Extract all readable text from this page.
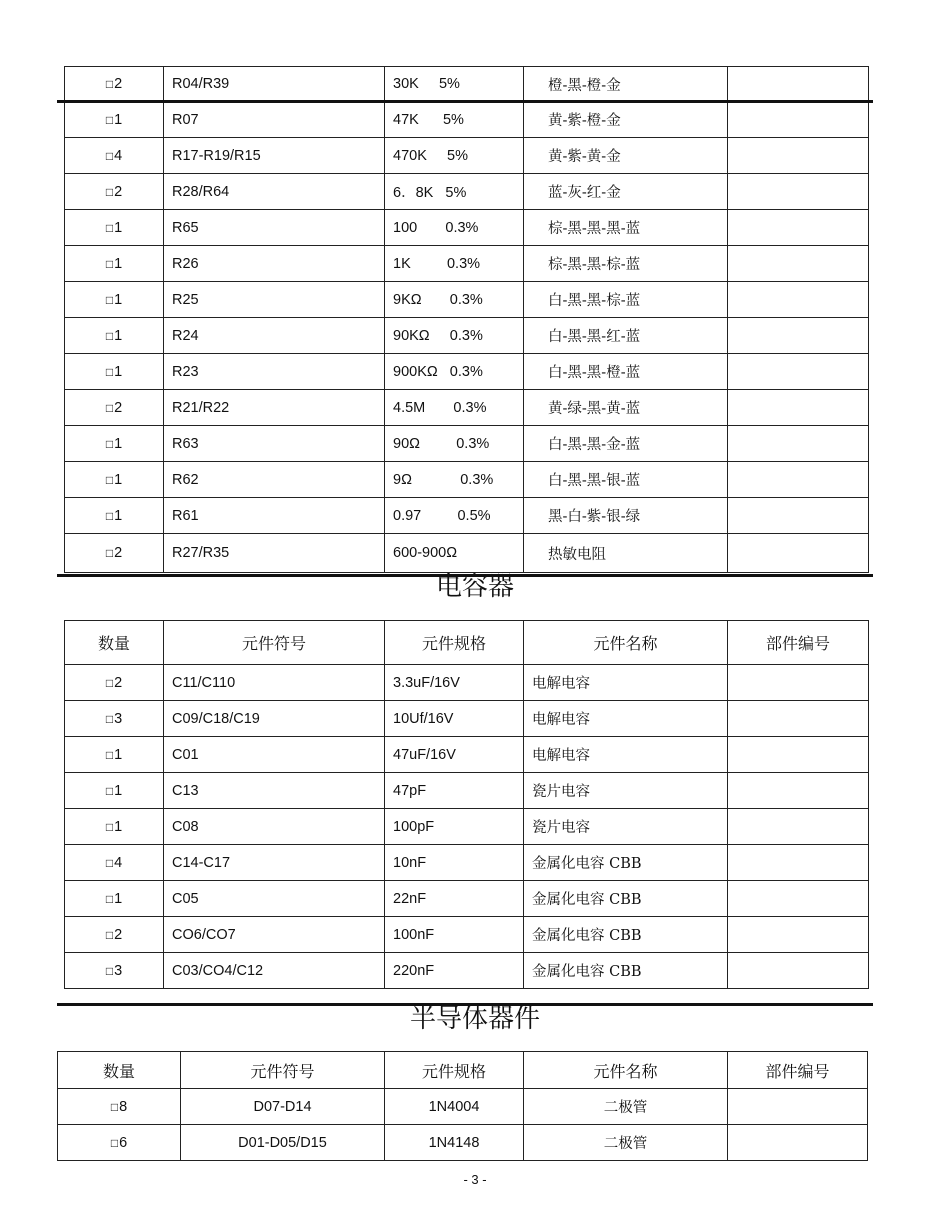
□2	R04/R39	30K     5%	橙-黑-橙-金	
□1	R07	47K      5%	黄-紫-橙-金	
□4	R17-R19/R15	470K     5%	黄-紫-黄-金	
□2	R28/R64	6．8K   5%	蓝-灰-红-金	
□1	R65	100       0.3%	棕-黑-黑-黑-蓝	
□1	R26	1K         0.3%	棕-黑-黑-棕-蓝	
□1	R25	9KΩ       0.3%	白-黑-黑-棕-蓝	
□1	R24	90KΩ     0.3%	白-黑-黑-红-蓝	
□1	R23	900KΩ   0.3%	白-黑-黑-橙-蓝	
□2	R21/R22	4.5M       0.3%	黄-绿-黑-黄-蓝	
□1	R63	90Ω         0.3%	白-黑-黑-金-蓝	
□1	R62	9Ω            0.3%	白-黑-黑-银-蓝	
□1	R61	0.97         0.5%	黑-白-紫-银-绿	
□2	R27/R35	600-900Ω	热敏电阻	
电容器
数量	元件符号	元件规格	元件名称	部件编号
□2	C11/C110	3.3uF/16V	电解电容	
□3	C09/C18/C19	10Uf/16V	电解电容	
□1	C01	47uF/16V	电解电容	
□1	C13	47pF	瓷片电容	
□1	C08	100pF	瓷片电容	
□4	C14-C17	10nF	金属化电容 CBB	
□1	C05	22nF	金属化电容 CBB	
□2	CO6/CO7	100nF	金属化电容 CBB	
□3	C03/CO4/C12	220nF	金属化电容 CBB	
半导体器件
数量	元件符号	元件规格	元件名称	部件编号
□8	D07-D14	1N4004	二极管	
□6	D01-D05/D15	1N4148	二极管	
- 3 -
